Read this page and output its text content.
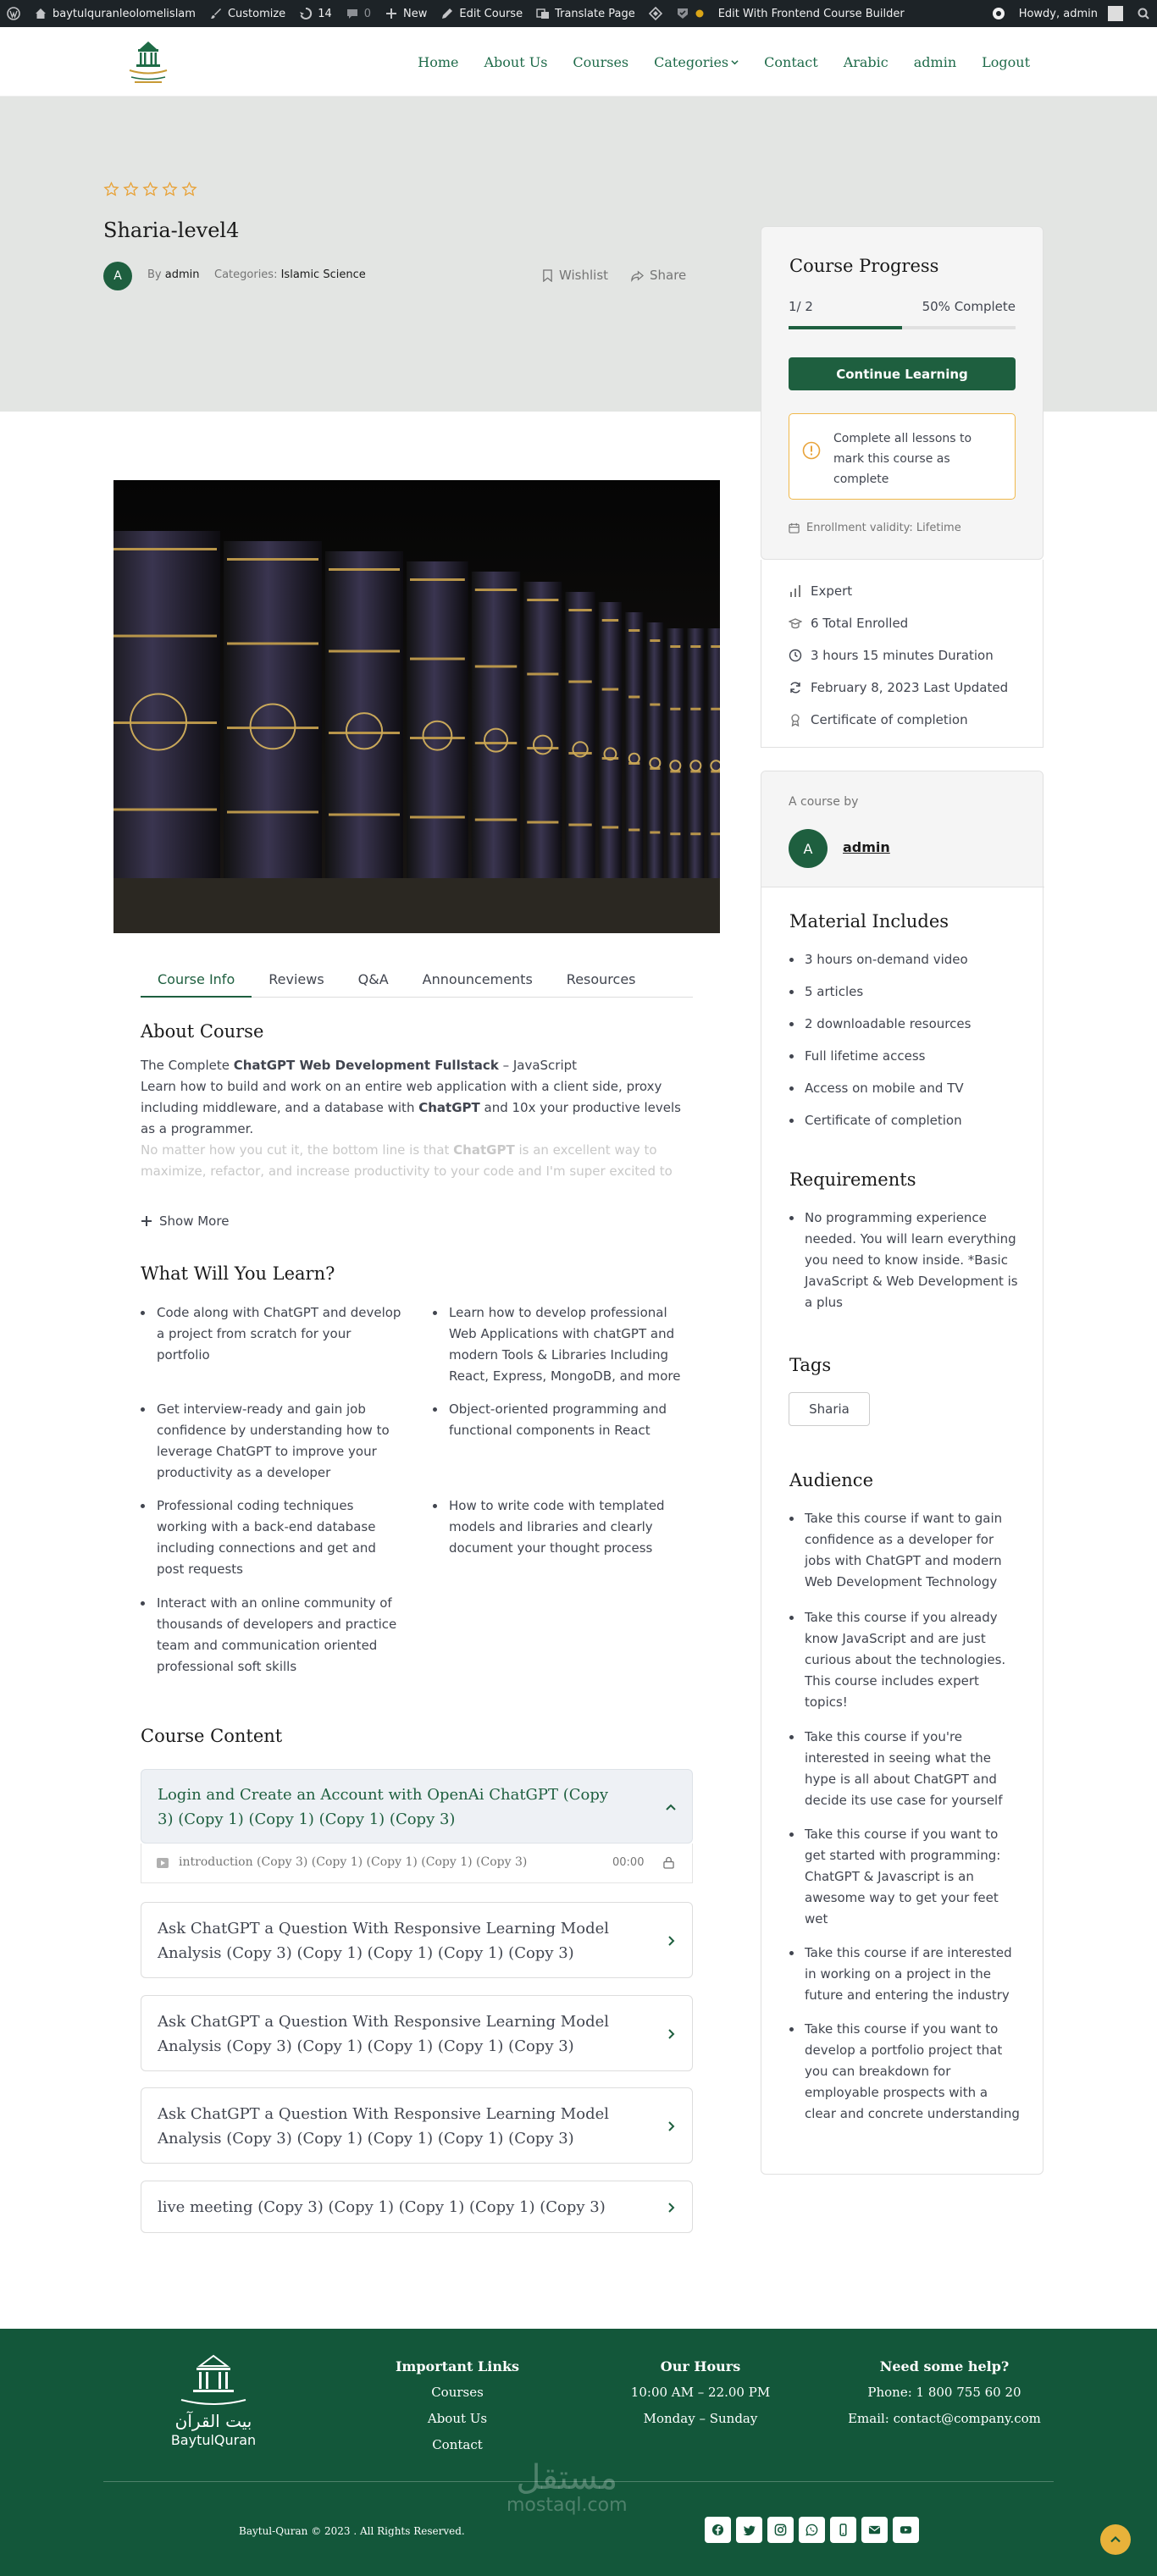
baytulquranleolomelislam	Customize	14	0	New	Edit Course	Translate Page	Edit With Frontend Course Builder	Howdy, admin
Home About Us Courses Categories	Contact Arabic admin Logout
Sharia-level4
A	By admin Categories: Islamic Science	Wishlist	Share
Course Info	Reviews	Q&A	Announcements	Resources
About Course
The Complete ChatGPT Web Development Fullstack – JavaScript
Learn how to build and work on an entire web application with a client side, proxy including middleware, and a database with ChatGPT and 10x your productive levels as a programmer.
No matter how you cut it, the bottom line is that ChatGPT is an excellent way to maximize, refactor, and increase productivity to your code and I'm super excited to
Show More
What Will You Learn?
Code along with ChatGPT and develop a project from scratch for your portfolio
Learn how to develop professional Web Applications with chatGPT and modern Tools & Libraries Including React, Express, MongoDB, and more
Get interview-ready and gain job confidence by understanding how to leverage ChatGPT to improve your productivity as a developer
Object-oriented programming and functional components in React
Professional coding techniques working with a back-end database including connections and get and post requests
How to write code with templated models and libraries and clearly document your thought process
Interact with an online community of thousands of developers and practice team and communication oriented professional soft skills
Course Content
Login and Create an Account with OpenAi ChatGPT (Copy 3) (Copy 1) (Copy 1) (Copy 1) (Copy 3)
introduction (Copy 3) (Copy 1) (Copy 1) (Copy 1) (Copy 3)	00:00
Ask ChatGPT a Question With Responsive Learning Model Analysis (Copy 3) (Copy 1) (Copy 1) (Copy 1) (Copy 3)
Ask ChatGPT a Question With Responsive Learning Model Analysis (Copy 3) (Copy 1) (Copy 1) (Copy 1) (Copy 3)
Ask ChatGPT a Question With Responsive Learning Model Analysis (Copy 3) (Copy 1) (Copy 1) (Copy 1) (Copy 3)
live meeting (Copy 3) (Copy 1) (Copy 1) (Copy 1) (Copy 3)
Course Progress
1/ 2	50% Complete
Continue Learning
Complete all lessons to mark this course as complete
Enrollment validity: Lifetime
Expert
6 Total Enrolled
3 hours 15 minutes Duration
February 8, 2023 Last Updated
Certificate of completion
A course by
A	admin
Material Includes
3 hours on-demand video
5 articles
2 downloadable resources
Full lifetime access
Access on mobile and TV
Certificate of completion
Requirements
No programming experience needed. You will learn everything you need to know inside. *Basic JavaScript & Web Development is a plus
Tags
Sharia
Audience
Take this course if want to gain confidence as a developer for jobs with ChatGPT and modern Web Development Technology
Take this course if you already know JavaScript and are just curious about the technologies. This course includes expert topics!
Take this course if you're interested in seeing what the hype is all about ChatGPT and decide its use case for yourself
Take this course if you want to get started with programming: ChatGPT & Javascript is an awesome way to get your feet wet
Take this course if are interested in working on a project in the future and entering the industry
Take this course if you want to develop a portfolio project that you can breakdown for employable prospects with a clear and concrete understanding
بيت القرآن
BaytulQuran
Important Links
Courses
About Us
Contact
Our Hours
10:00 AM – 22.00 PM
Monday – Sunday
Need some help?
Phone: 1 800 755 60 20
Email: contact@company.com
مستقل
mostaql.com
Baytul-Quran © 2023 . All Rights Reserved.
